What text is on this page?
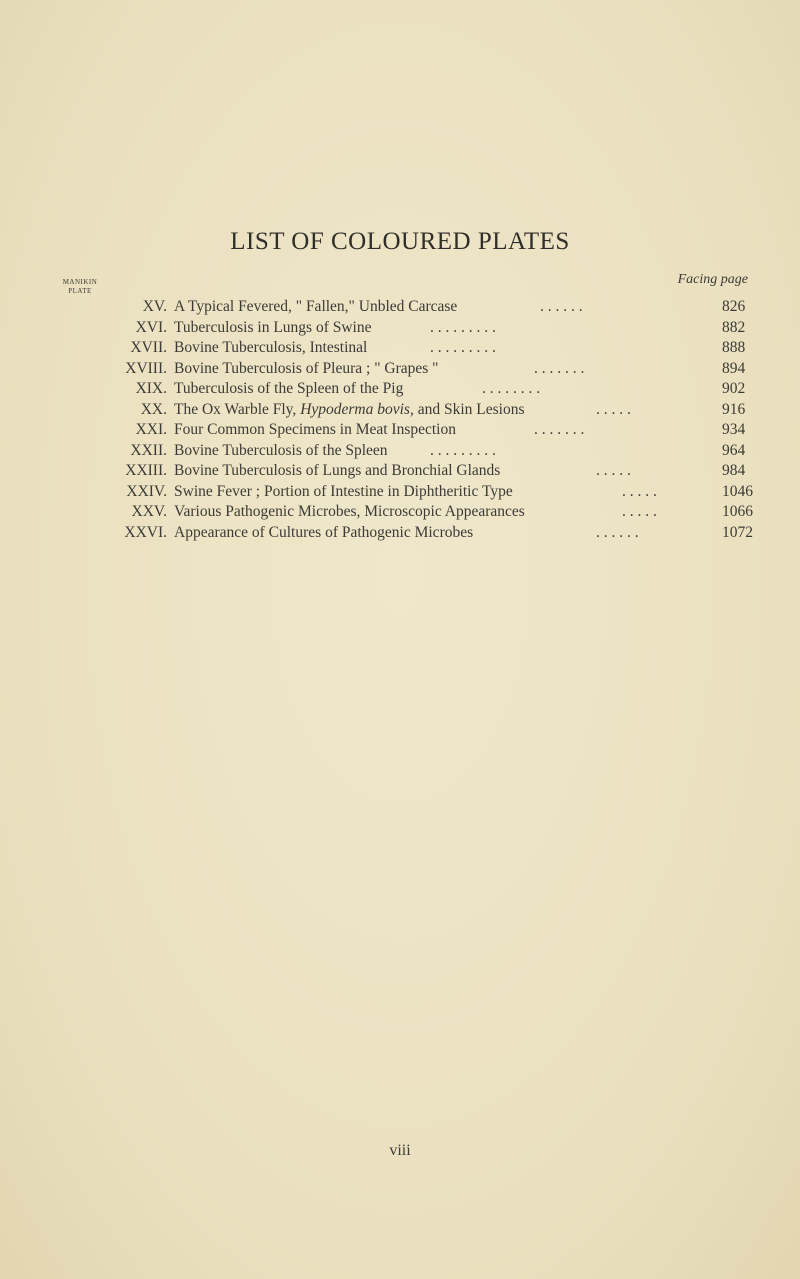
LIST OF COLOURED PLATES
MANIKIN PLATE
Facing page
XV. A Typical Fevered, " Fallen," Unbled Carcase	. . . . . .	826
XVI. Tuberculosis in Lungs of Swine	. . . . . . . . .	882
XVII. Bovine Tuberculosis, Intestinal	. . . . . . . . .	888
XVIII. Bovine Tuberculosis of Pleura ; " Grapes "	. . . . . . .	894
XIX. Tuberculosis of the Spleen of the Pig	. . . . . . . .	902
XX. The Ox Warble Fly, Hypoderma bovis, and Skin Lesions	. . . . .	916
XXI. Four Common Specimens in Meat Inspection	. . . . . . .	934
XXII. Bovine Tuberculosis of the Spleen	. . . . . . . . .	964
XXIII. Bovine Tuberculosis of Lungs and Bronchial Glands	. . . . .	984
XXIV. Swine Fever ; Portion of Intestine in Diphtheritic Type	. . . . .	1046
XXV. Various Pathogenic Microbes, Microscopic Appearances	. . . . .	1066
XXVI. Appearance of Cultures of Pathogenic Microbes	. . . . . .	1072
viii
